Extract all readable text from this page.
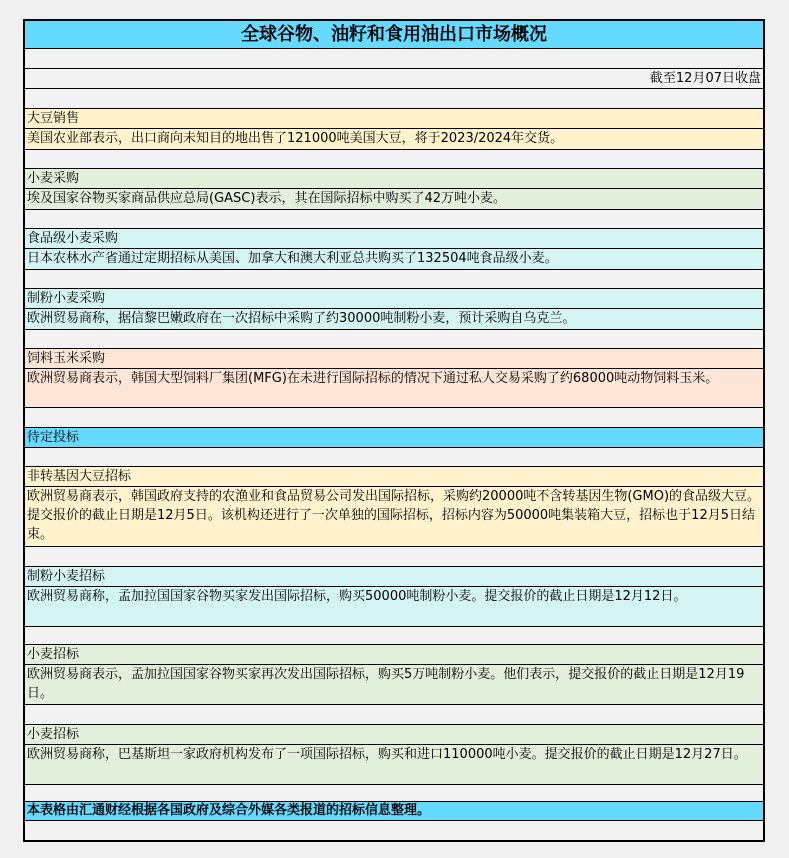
全球谷物、油籽和食用油出口市场概况
截至12月07日收盘
大豆销售
美国农业部表示，出口商向未知目的地出售了121000吨美国大豆，将于2023/2024年交货。
小麦采购
埃及国家谷物买家商品供应总局(GASC)表示，其在国际招标中购买了42万吨小麦。
食品级小麦采购
日本农林水产省通过定期招标从美国、加拿大和澳大利亚总共购买了132504吨食品级小麦。
制粉小麦采购
欧洲贸易商称，据信黎巴嫩政府在一次招标中采购了约30000吨制粉小麦，预计采购自乌克兰。
饲料玉米采购
欧洲贸易商表示，韩国大型饲料厂集团(MFG)在未进行国际招标的情况下通过私人交易采购了约68000吨动物饲料玉米。
待定投标
非转基因大豆招标
欧洲贸易商表示，韩国政府支持的农渔业和食品贸易公司发出国际招标，采购约20000吨不含转基因生物(GMO)的食品级大豆。提交报价的截止日期是12月5日。该机构还进行了一次单独的国际招标，招标内容为50000吨集装箱大豆，招标也于12月5日结束。
制粉小麦招标
欧洲贸易商称，孟加拉国国家谷物买家发出国际招标，购买50000吨制粉小麦。提交报价的截止日期是12月12日。
小麦招标
欧洲贸易商表示，孟加拉国国家谷物买家再次发出国际招标，购买5万吨制粉小麦。他们表示，提交报价的截止日期是12月19日。
小麦招标
欧洲贸易商称，巴基斯坦一家政府机构发布了一项国际招标，购买和进口110000吨小麦。提交报价的截止日期是12月27日。
本表格由汇通财经根据各国政府及综合外媒各类报道的招标信息整理。
